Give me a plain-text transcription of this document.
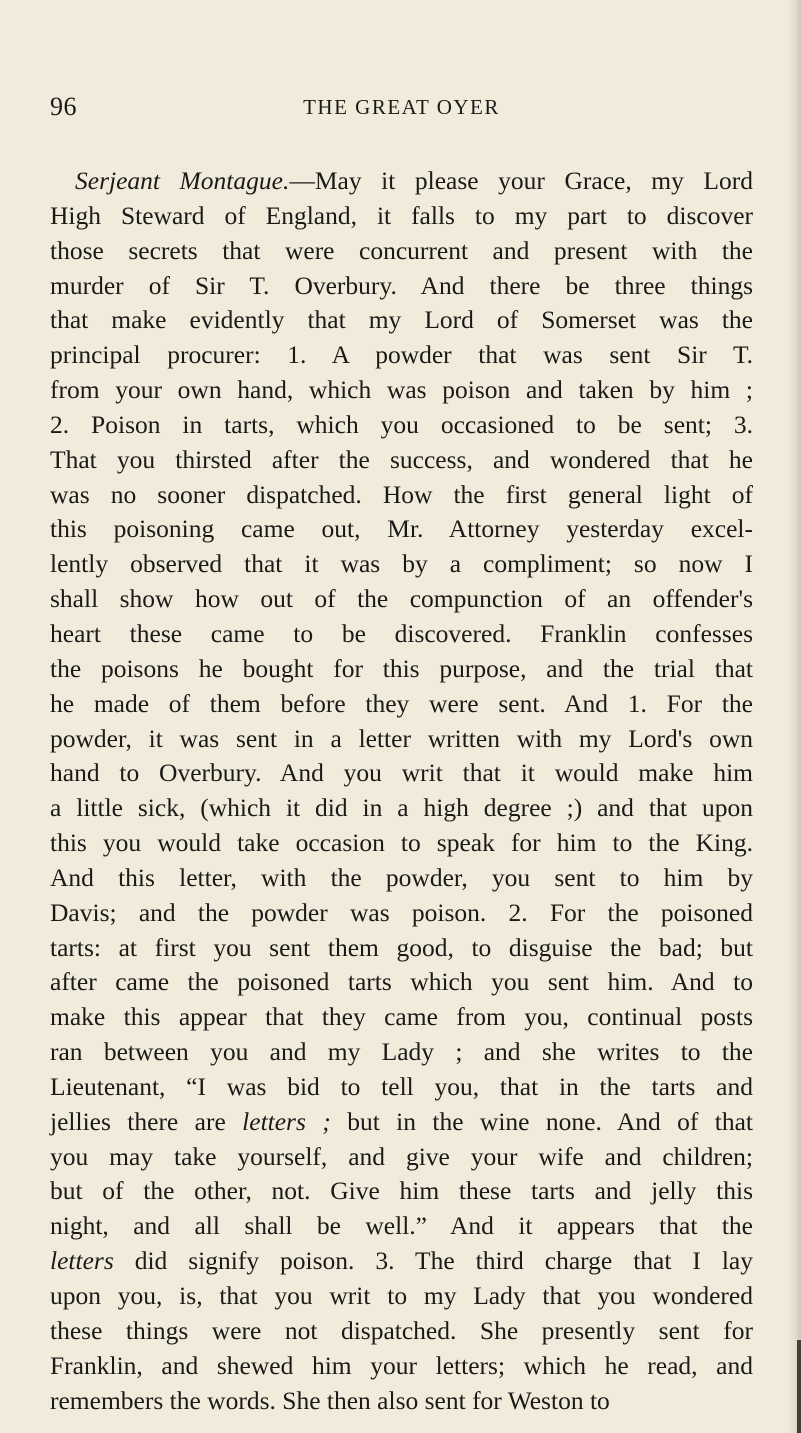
96	THE GREAT OYER
Serjeant Montague.—May it please your Grace, my Lord
High Steward of England, it falls to my part to discover
those secrets that were concurrent and present with the
murder of Sir T. Overbury. And there be three things
that make evidently that my Lord of Somerset was the
principal procurer: 1. A powder that was sent Sir T.
from your own hand, which was poison and taken by him ;
2. Poison in tarts, which you occasioned to be sent; 3.
That you thirsted after the success, and wondered that he
was no sooner dispatched. How the first general light of
this poisoning came out, Mr. Attorney yesterday excel-
lently observed that it was by a compliment; so now I
shall show how out of the compunction of an offender's
heart these came to be discovered. Franklin confesses
the poisons he bought for this purpose, and the trial that
he made of them before they were sent. And 1. For the
powder, it was sent in a letter written with my Lord's own
hand to Overbury. And you writ that it would make him
a little sick, (which it did in a high degree ;) and that upon
this you would take occasion to speak for him to the King.
And this letter, with the powder, you sent to him by
Davis; and the powder was poison. 2. For the poisoned
tarts: at first you sent them good, to disguise the bad; but
after came the poisoned tarts which you sent him. And to
make this appear that they came from you, continual posts
ran between you and my Lady ; and she writes to the
Lieutenant, “I was bid to tell you, that in the tarts and
jellies there are letters ; but in the wine none. And of that
you may take yourself, and give your wife and children;
but of the other, not. Give him these tarts and jelly this
night, and all shall be well.” And it appears that the
letters did signify poison. 3. The third charge that I lay
upon you, is, that you writ to my Lady that you wondered
these things were not dispatched. She presently sent for
Franklin, and shewed him your letters; which he read, and
remembers the words. She then also sent for Weston to
